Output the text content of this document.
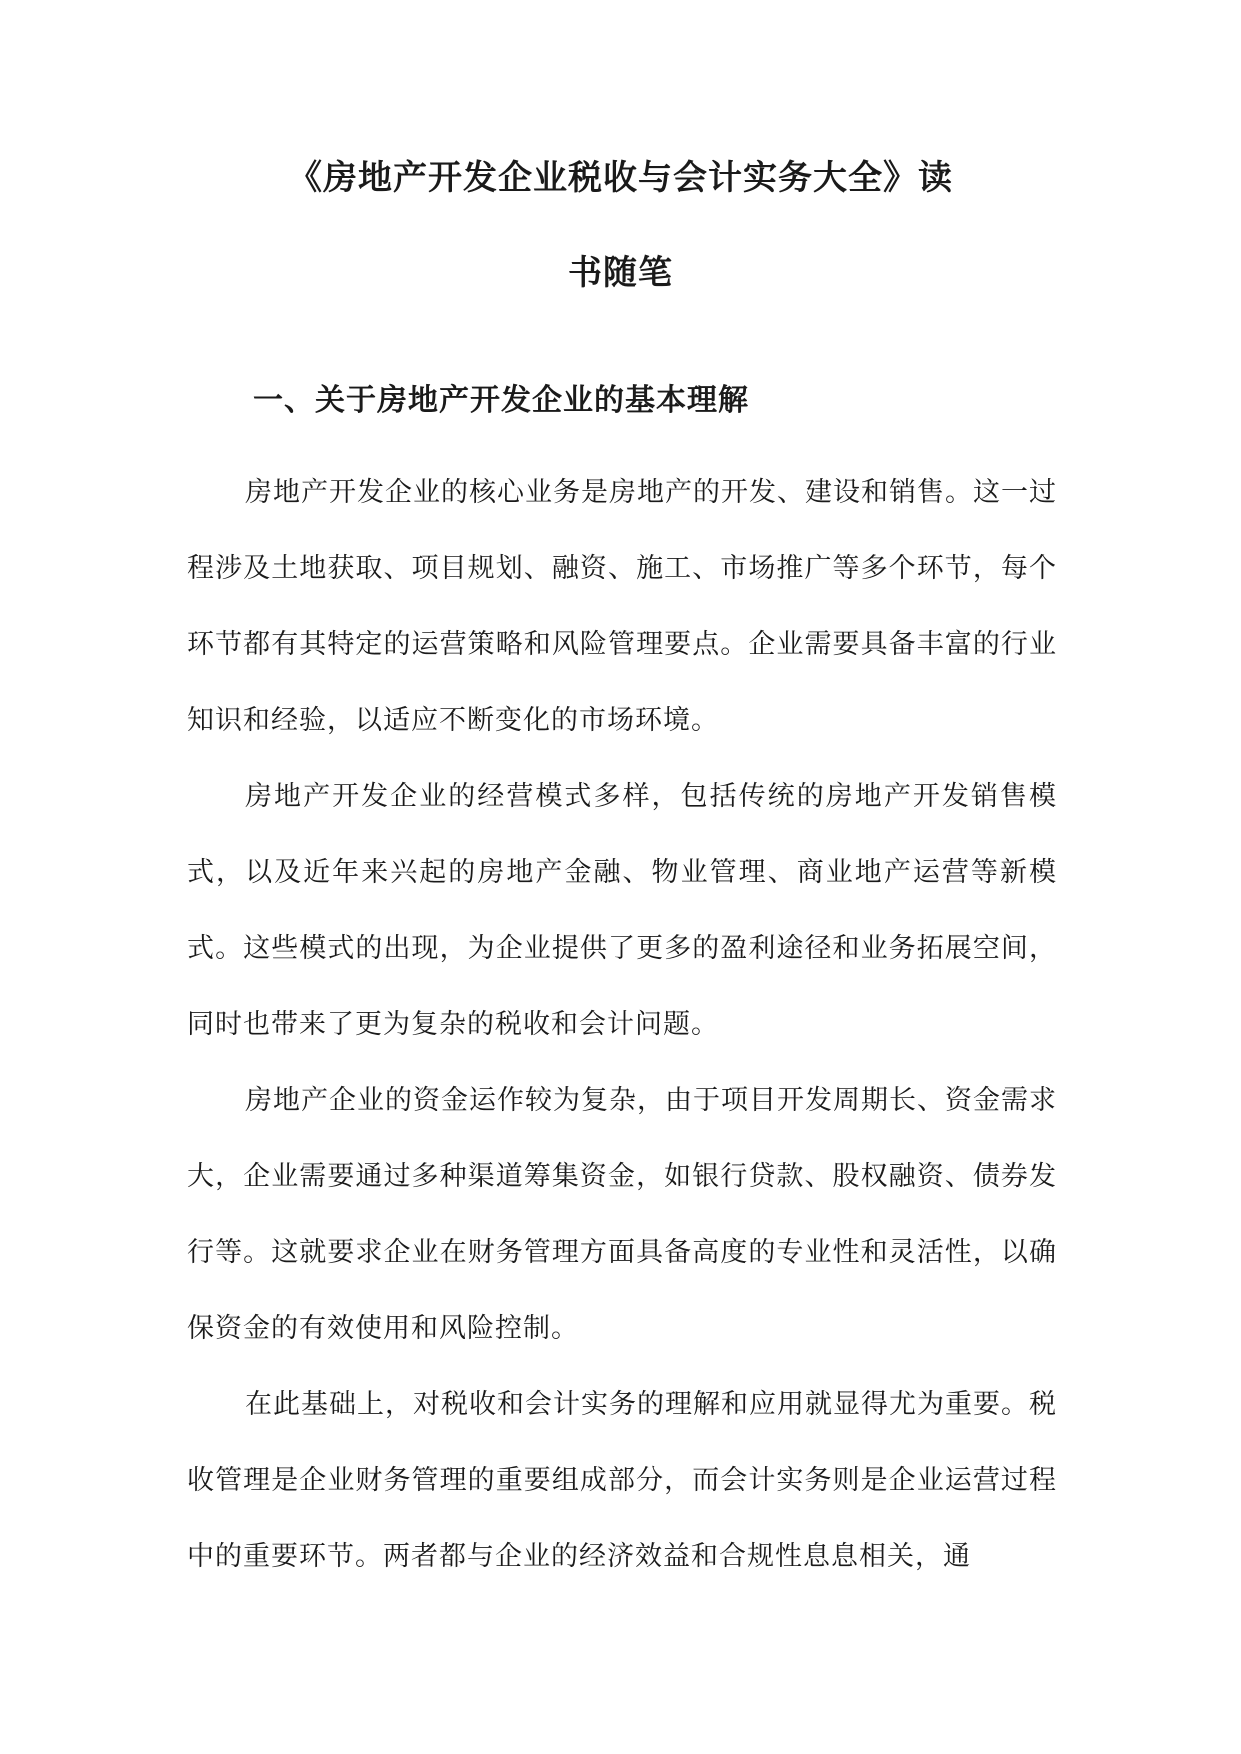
《房地产开发企业税收与会计实务大全》读
书随笔
一、关于房地产开发企业的基本理解

房地产开发企业的核心业务是房地产的开发、建设和销售。这一过程涉及土地获取、项目规划、融资、施工、市场推广等多个环节，每个环节都有其特定的运营策略和风险管理要点。企业需要具备丰富的行业知识和经验，以适应不断变化的市场环境。

房地产开发企业的经营模式多样，包括传统的房地产开发销售模式，以及近年来兴起的房地产金融、物业管理、商业地产运营等新模式。这些模式的出现，为企业提供了更多的盈利途径和业务拓展空间，同时也带来了更为复杂的税收和会计问题。

房地产企业的资金运作较为复杂，由于项目开发周期长、资金需求大，企业需要通过多种渠道筹集资金，如银行贷款、股权融资、债券发行等。这就要求企业在财务管理方面具备高度的专业性和灵活性，以确保资金的有效使用和风险控制。

在此基础上，对税收和会计实务的理解和应用就显得尤为重要。税收管理是企业财务管理的重要组成部分，而会计实务则是企业运营过程中的重要环节。两者都与企业的经济效益和合规性息息相关，通
